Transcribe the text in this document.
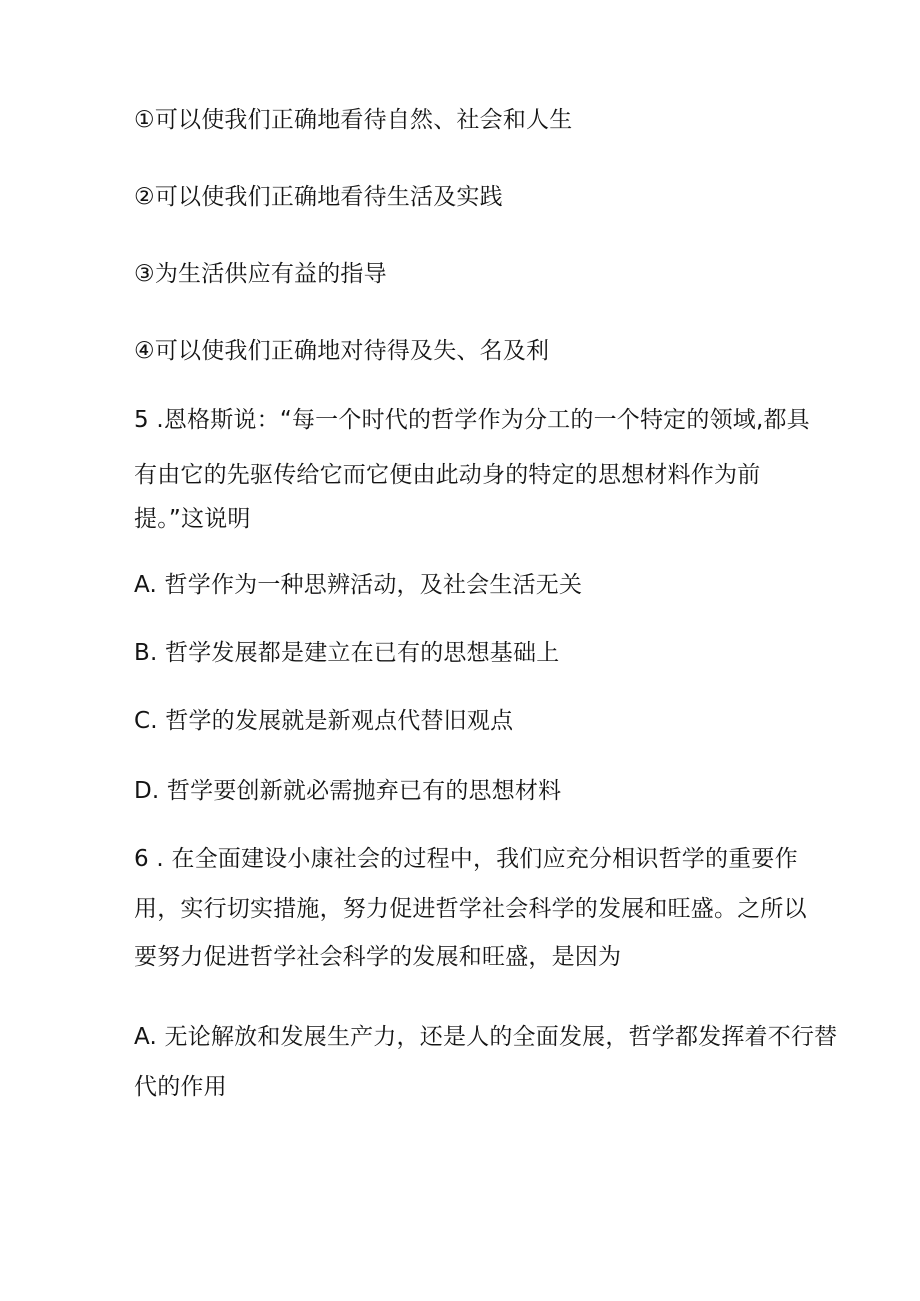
①可以使我们正确地看待自然、社会和人生
②可以使我们正确地看待生活及实践
③为生活供应有益的指导
④可以使我们正确地对待得及失、名及利
5 .恩格斯说：“每一个时代的哲学作为分工的一个特定的领域,都具
有由它的先驱传给它而它便由此动身的特定的思想材料作为前
提。”这说明
A. 哲学作为一种思辨活动，及社会生活无关
B. 哲学发展都是建立在已有的思想基础上
C. 哲学的发展就是新观点代替旧观点
D. 哲学要创新就必需抛弃已有的思想材料
6 . 在全面建设小康社会的过程中，我们应充分相识哲学的重要作
用，实行切实措施，努力促进哲学社会科学的发展和旺盛。之所以
要努力促进哲学社会科学的发展和旺盛，是因为
A. 无论解放和发展生产力，还是人的全面发展，哲学都发挥着不行替
代的作用
